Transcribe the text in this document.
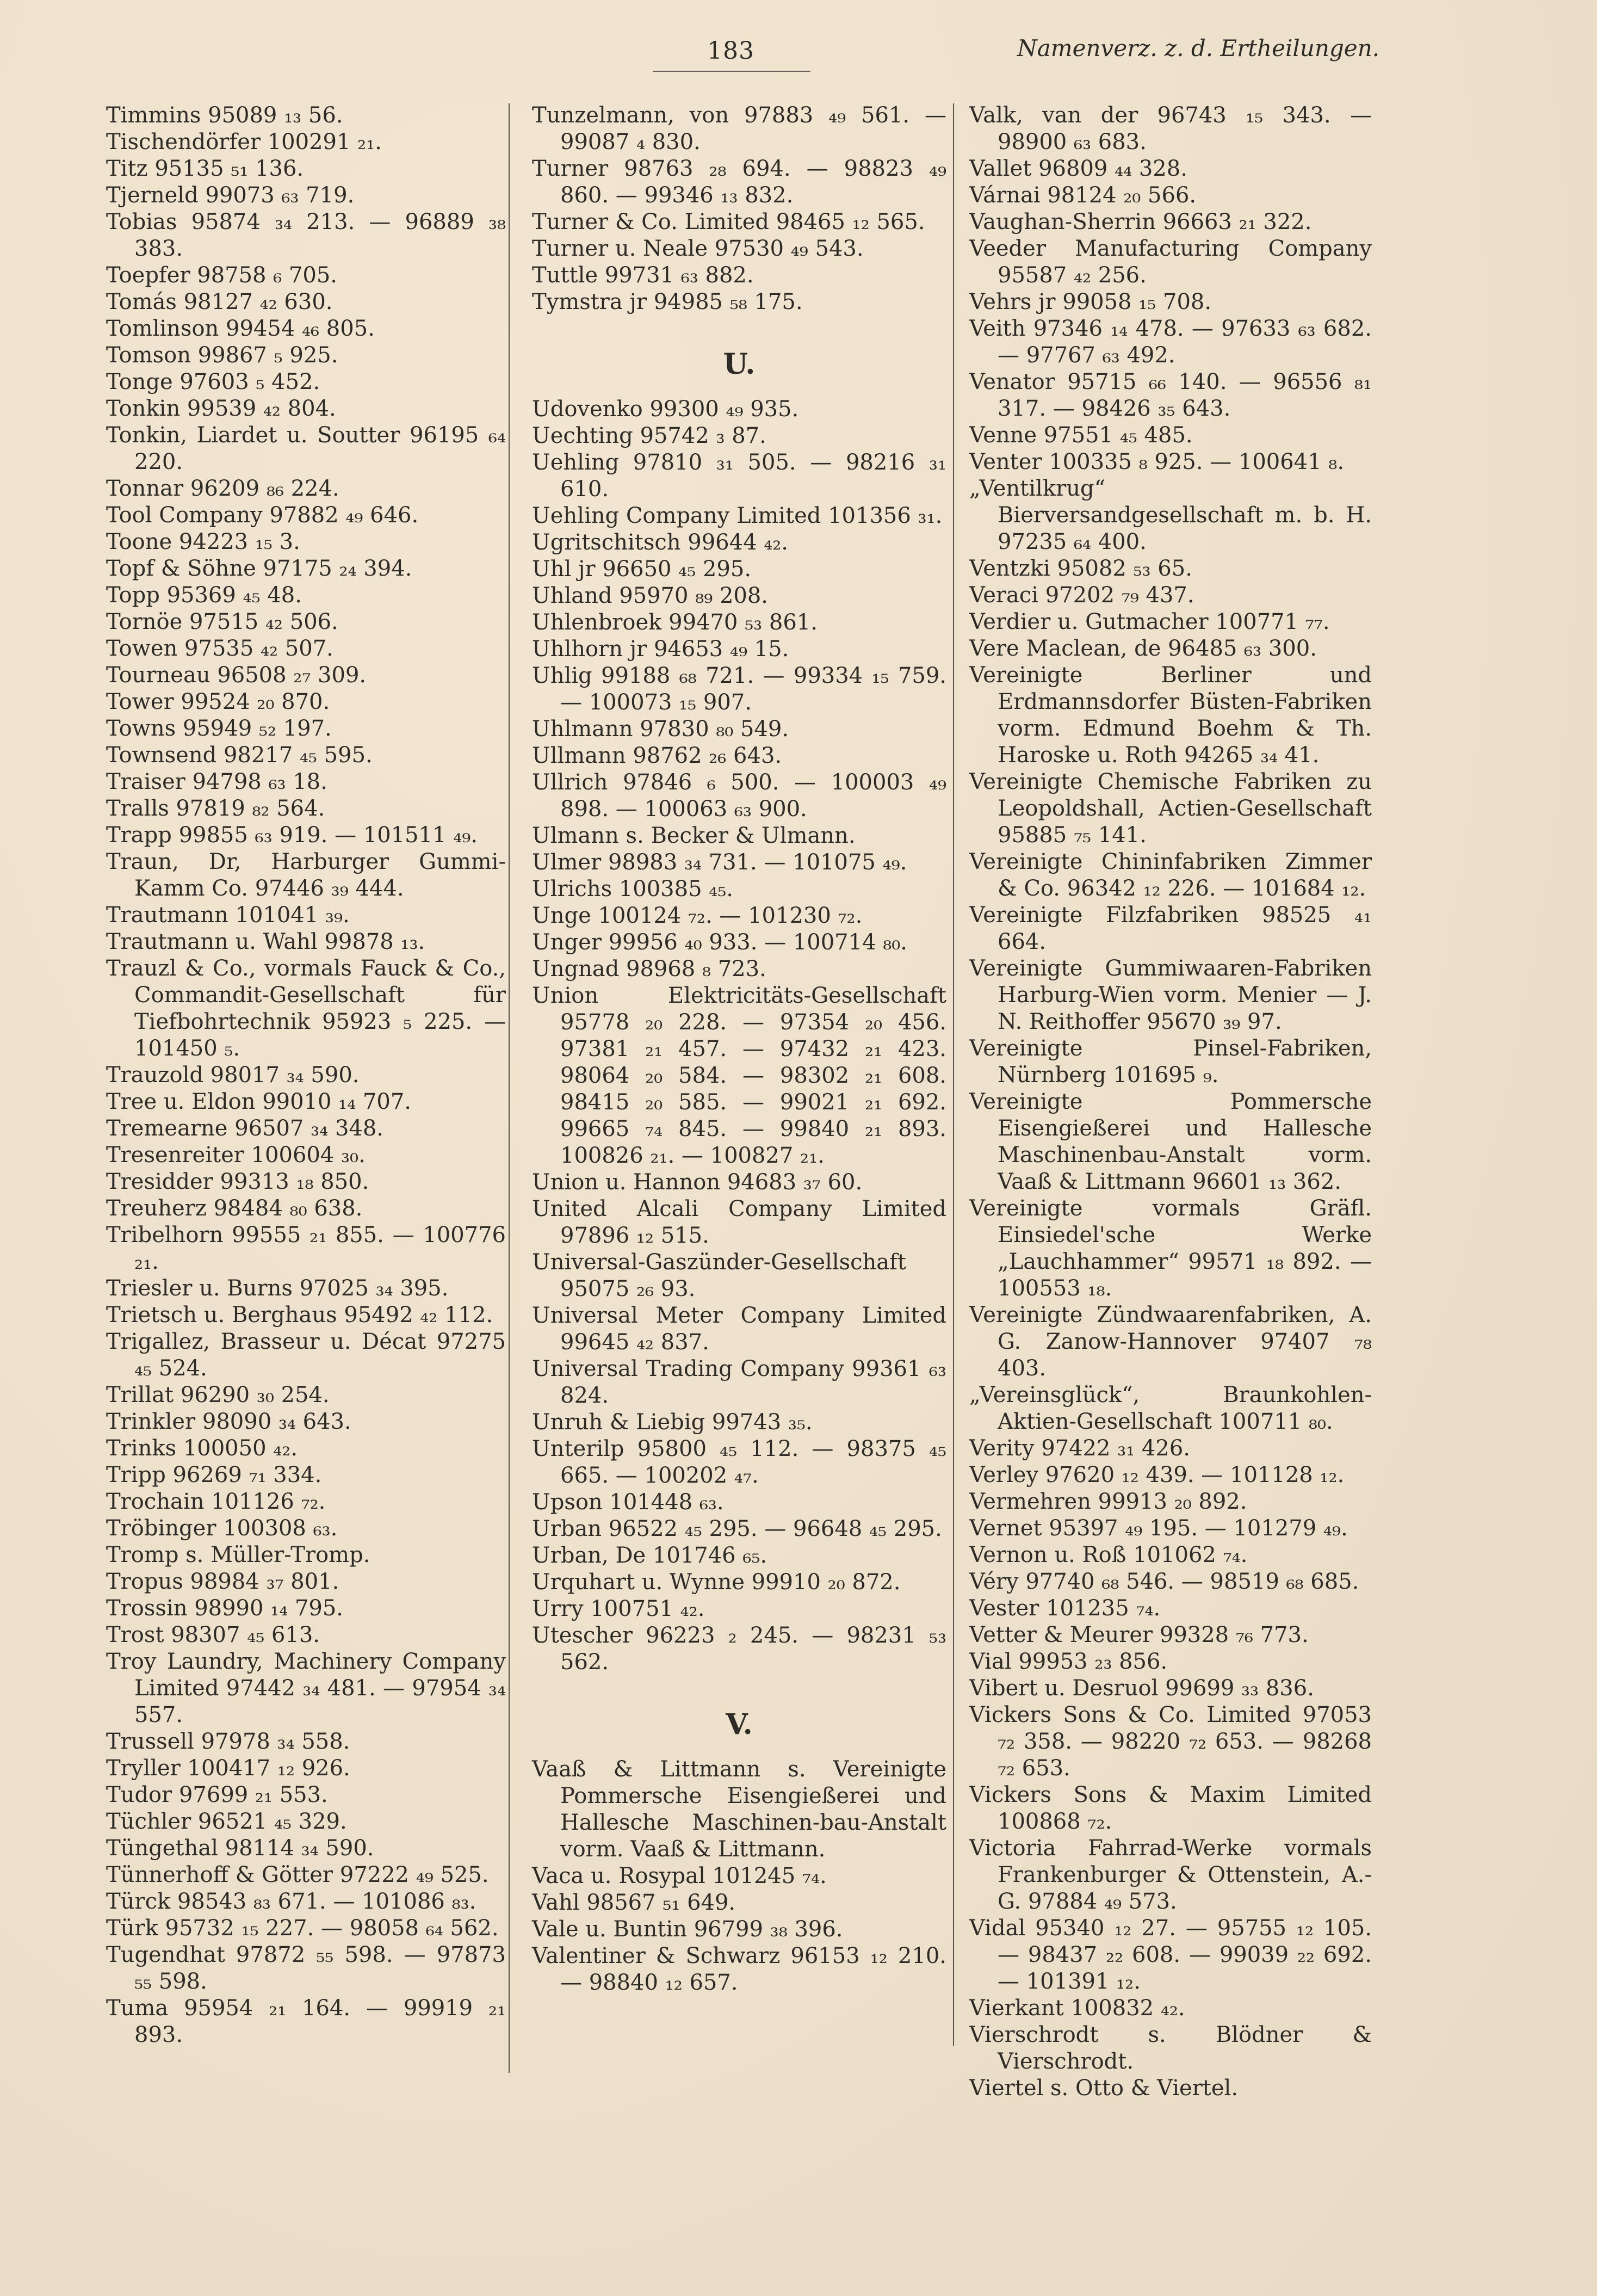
183	Namenverz. z. d. Ertheilungen.

Timmins 95089 ₁₃ 56.

Tischendörfer 100291 ₂₁.

Titz 95135 ₅₁ 136.

Tjerneld 99073 ₆₃ 719.

Tobias 95874 ₃₄ 213. — 96889 ₃₈ 383.

Toepfer 98758 ₆ 705.

Tomás 98127 ₄₂ 630.

Tomlinson 99454 ₄₆ 805.

Tomson 99867 ₅ 925.

Tonge 97603 ₅ 452.

Tonkin 99539 ₄₂ 804.

Tonkin, Liardet u. Soutter 96195 ₆₄ 220.

Tonnar 96209 ₈₆ 224.

Tool Company 97882 ₄₉ 646.

Toone 94223 ₁₅ 3.

Topf & Söhne 97175 ₂₄ 394.

Topp 95369 ₄₅ 48.

Tornöe 97515 ₄₂ 506.

Towen 97535 ₄₂ 507.

Tourneau 96508 ₂₇ 309.

Tower 99524 ₂₀ 870.

Towns 95949 ₅₂ 197.

Townsend 98217 ₄₅ 595.

Traiser 94798 ₆₃ 18.

Tralls 97819 ₈₂ 564.

Trapp 99855 ₆₃ 919. — 101511 ₄₉.

Traun, Dr, Harburger Gummi-Kamm Co. 97446 ₃₉ 444.

Trautmann 101041 ₃₉.

Trautmann u. Wahl 99878 ₁₃.

Trauzl & Co., vormals Fauck & Co., Commandit-Gesellschaft für Tiefbohrtechnik 95923 ₅ 225. — 101450 ₅.

Trauzold 98017 ₃₄ 590.

Tree u. Eldon 99010 ₁₄ 707.

Tremearne 96507 ₃₄ 348.

Tresenreiter 100604 ₃₀.

Tresidder 99313 ₁₈ 850.

Treuherz 98484 ₈₀ 638.

Tribelhorn 99555 ₂₁ 855. — 100776 ₂₁.

Triesler u. Burns 97025 ₃₄ 395.

Trietsch u. Berghaus 95492 ₄₂ 112.

Trigallez, Brasseur u. Décat 97275 ₄₅ 524.

Trillat 96290 ₃₀ 254.

Trinkler 98090 ₃₄ 643.

Trinks 100050 ₄₂.

Tripp 96269 ₇₁ 334.

Trochain 101126 ₇₂.

Tröbinger 100308 ₆₃.

Tromp s. Müller-Tromp.

Tropus 98984 ₃₇ 801.

Trossin 98990 ₁₄ 795.

Trost 98307 ₄₅ 613.

Troy Laundry, Machinery Company Limited 97442 ₃₄ 481. — 97954 ₃₄ 557.

Trussell 97978 ₃₄ 558.

Tryller 100417 ₁₂ 926.

Tudor 97699 ₂₁ 553.

Tüchler 96521 ₄₅ 329.

Tüngethal 98114 ₃₄ 590.

Tünnerhoff & Götter 97222 ₄₉ 525.

Türck 98543 ₈₃ 671. — 101086 ₈₃.

Türk 95732 ₁₅ 227. — 98058 ₆₄ 562.

Tugendhat 97872 ₅₅ 598. — 97873 ₅₅ 598.

Tuma 95954 ₂₁ 164. — 99919 ₂₁ 893.

Tunzelmann, von 97883 ₄₉ 561. — 99087 ₄ 830.

Turner 98763 ₂₈ 694. — 98823 ₄₉ 860. — 99346 ₁₃ 832.

Turner & Co. Limited 98465 ₁₂ 565.

Turner u. Neale 97530 ₄₉ 543.

Tuttle 99731 ₆₃ 882.

Tymstra jr 94985 ₅₈ 175.

U.

Udovenko 99300 ₄₉ 935.

Uechting 95742 ₃ 87.

Uehling 97810 ₃₁ 505. — 98216 ₃₁ 610.

Uehling Company Limited 101356 ₃₁.

Ugritschitsch 99644 ₄₂.

Uhl jr 96650 ₄₅ 295.

Uhland 95970 ₈₉ 208.

Uhlenbroek 99470 ₅₃ 861.

Uhlhorn jr 94653 ₄₉ 15.

Uhlig 99188 ₆₈ 721. — 99334 ₁₅ 759. — 100073 ₁₅ 907.

Uhlmann 97830 ₈₀ 549.

Ullmann 98762 ₂₆ 643.

Ullrich 97846 ₆ 500. — 100003 ₄₉ 898. — 100063 ₆₃ 900.

Ulmann s. Becker & Ulmann.

Ulmer 98983 ₃₄ 731. — 101075 ₄₉.

Ulrichs 100385 ₄₅.

Unge 100124 ₇₂. — 101230 ₇₂.

Unger 99956 ₄₀ 933. — 100714 ₈₀.

Ungnad 98968 ₈ 723.

Union Elektricitäts-Gesellschaft 95778 ₂₀ 228. — 97354 ₂₀ 456. 97381 ₂₁ 457. — 97432 ₂₁ 423. 98064 ₂₀ 584. — 98302 ₂₁ 608. 98415 ₂₀ 585. — 99021 ₂₁ 692. 99665 ₇₄ 845. — 99840 ₂₁ 893. 100826 ₂₁. — 100827 ₂₁.

Union u. Hannon 94683 ₃₇ 60.

United Alcali Company Limited 97896 ₁₂ 515.

Universal-Gaszünder-Gesellschaft 95075 ₂₆ 93.

Universal Meter Company Limited 99645 ₄₂ 837.

Universal Trading Company 99361 ₆₃ 824.

Unruh & Liebig 99743 ₃₅.

Unterilp 95800 ₄₅ 112. — 98375 ₄₅ 665. — 100202 ₄₇.

Upson 101448 ₆₃.

Urban 96522 ₄₅ 295. — 96648 ₄₅ 295.

Urban, De 101746 ₆₅.

Urquhart u. Wynne 99910 ₂₀ 872.

Urry 100751 ₄₂.

Utescher 96223 ₂ 245. — 98231 ₅₃ 562.

V.

Vaaß & Littmann s. Vereinigte Pommersche Eisengießerei und Hallesche Maschinen-bau-Anstalt vorm. Vaaß & Littmann.

Vaca u. Rosypal 101245 ₇₄.

Vahl 98567 ₅₁ 649.

Vale u. Buntin 96799 ₃₈ 396.

Valentiner & Schwarz 96153 ₁₂ 210. — 98840 ₁₂ 657.

Valk, van der 96743 ₁₅ 343. — 98900 ₆₃ 683.

Vallet 96809 ₄₄ 328.

Várnai 98124 ₂₀ 566.

Vaughan-Sherrin 96663 ₂₁ 322.

Veeder Manufacturing Company 95587 ₄₂ 256.

Vehrs jr 99058 ₁₅ 708.

Veith 97346 ₁₄ 478. — 97633 ₆₃ 682. — 97767 ₆₃ 492.

Venator 95715 ₆₆ 140. — 96556 ₈₁ 317. — 98426 ₃₅ 643.

Venne 97551 ₄₅ 485.

Venter 100335 ₈ 925. — 100641 ₈.

„Ventilkrug“ Bierversandgesellschaft m. b. H. 97235 ₆₄ 400.

Ventzki 95082 ₅₃ 65.

Veraci 97202 ₇₉ 437.

Verdier u. Gutmacher 100771 ₇₇.

Vere Maclean, de 96485 ₆₃ 300.

Vereinigte Berliner und Erdmannsdorfer Büsten-Fabriken vorm. Edmund Boehm & Th. Haroske u. Roth 94265 ₃₄ 41.

Vereinigte Chemische Fabriken zu Leopoldshall, Actien-Gesellschaft 95885 ₇₅ 141.

Vereinigte Chininfabriken Zimmer & Co. 96342 ₁₂ 226. — 101684 ₁₂.

Vereinigte Filzfabriken 98525 ₄₁ 664.

Vereinigte Gummiwaaren-Fabriken Harburg-Wien vorm. Menier — J. N. Reithoffer 95670 ₃₉ 97.

Vereinigte Pinsel-Fabriken, Nürnberg 101695 ₉.

Vereinigte Pommersche Eisengießerei und Hallesche Maschinenbau-Anstalt vorm. Vaaß & Littmann 96601 ₁₃ 362.

Vereinigte vormals Gräfl. Einsiedel'sche Werke „Lauchhammer“ 99571 ₁₈ 892. — 100553 ₁₈.

Vereinigte Zündwaarenfabriken, A. G. Zanow-Hannover 97407 ₇₈ 403.

„Vereinsglück“, Braunkohlen-Aktien-Gesellschaft 100711 ₈₀.

Verity 97422 ₃₁ 426.

Verley 97620 ₁₂ 439. — 101128 ₁₂.

Vermehren 99913 ₂₀ 892.

Vernet 95397 ₄₉ 195. — 101279 ₄₉.

Vernon u. Roß 101062 ₇₄.

Véry 97740 ₆₈ 546. — 98519 ₆₈ 685.

Vester 101235 ₇₄.

Vetter & Meurer 99328 ₇₆ 773.

Vial 99953 ₂₃ 856.

Vibert u. Desruol 99699 ₃₃ 836.

Vickers Sons & Co. Limited 97053 ₇₂ 358. — 98220 ₇₂ 653. — 98268 ₇₂ 653.

Vickers Sons & Maxim Limited 100868 ₇₂.

Victoria Fahrrad-Werke vormals Frankenburger & Ottenstein, A.-G. 97884 ₄₉ 573.

Vidal 95340 ₁₂ 27. — 95755 ₁₂ 105. — 98437 ₂₂ 608. — 99039 ₂₂ 692. — 101391 ₁₂.

Vierkant 100832 ₄₂.

Vierschrodt s. Blödner & Vierschrodt.

Viertel s. Otto & Viertel.
